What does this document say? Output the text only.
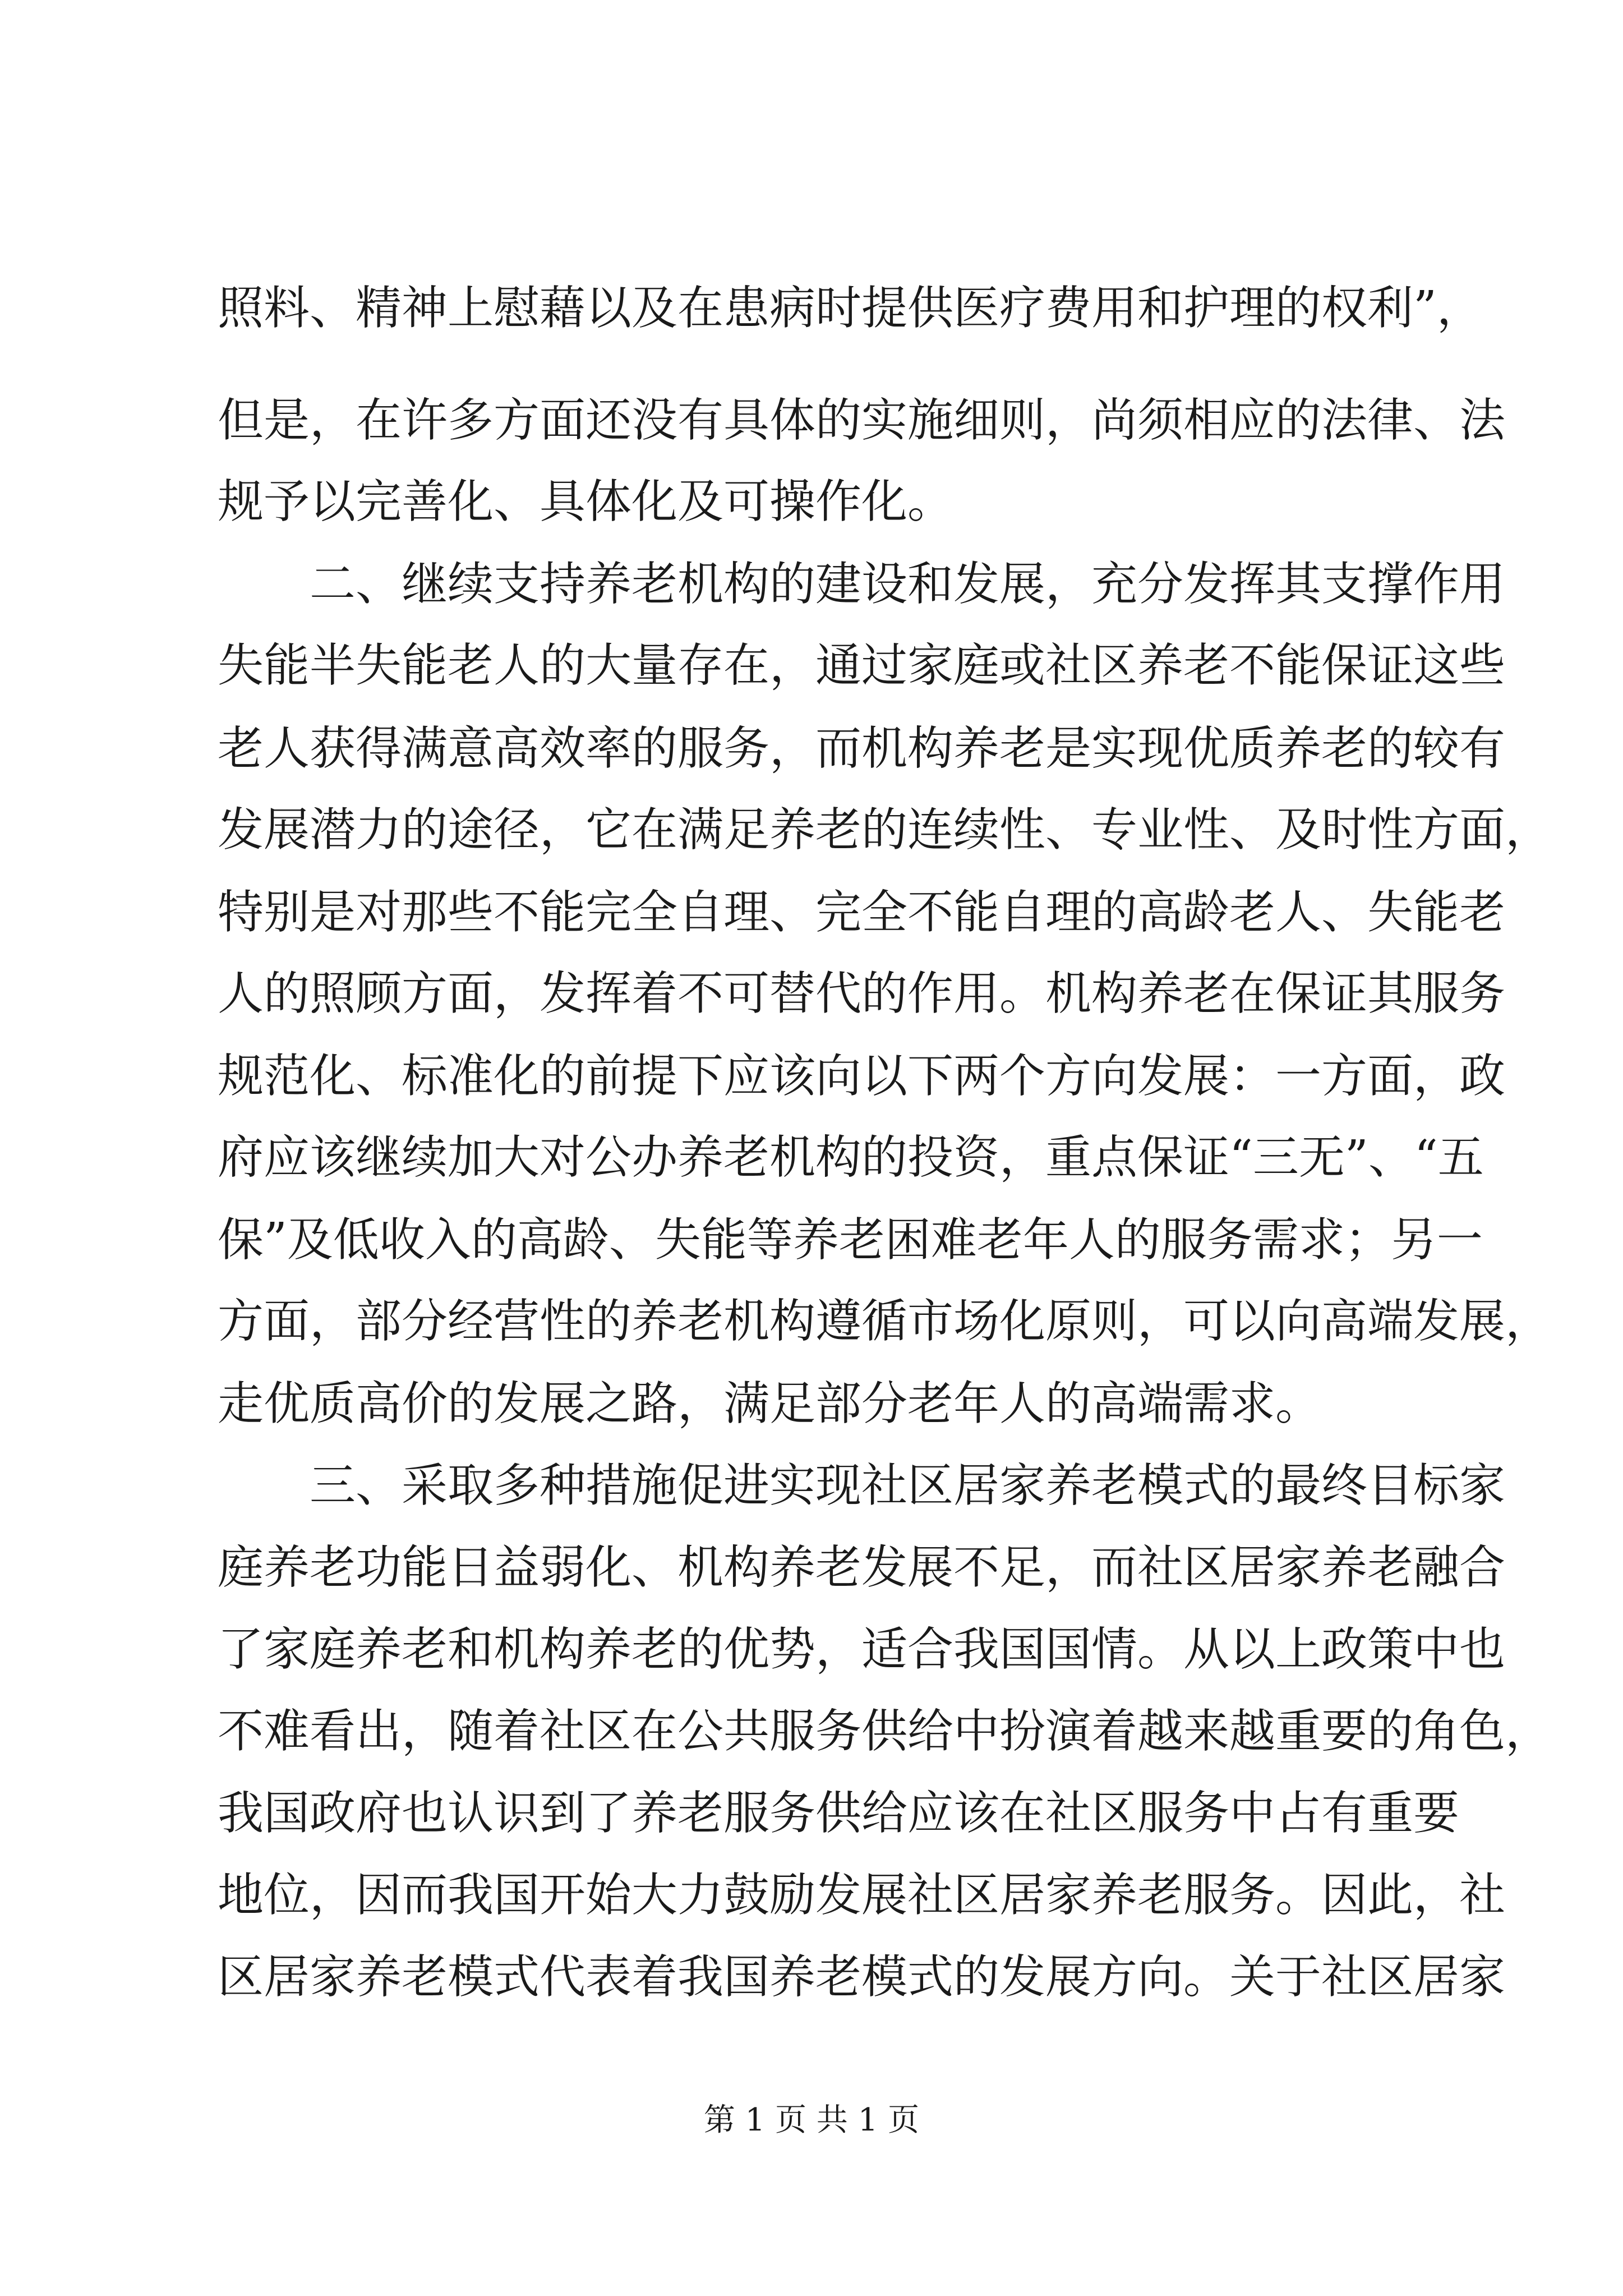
照料、精神上慰藉以及在患病时提供医疗费用和护理的权利”，
但是，在许多方面还没有具体的实施细则，尚须相应的法律、法
规予以完善化、具体化及可操作化。
　　二、继续支持养老机构的建设和发展，充分发挥其支撑作用
失能半失能老人的大量存在，通过家庭或社区养老不能保证这些
老人获得满意高效率的服务，而机构养老是实现优质养老的较有
发展潜力的途径，它在满足养老的连续性、专业性、及时性方面，
特别是对那些不能完全自理、完全不能自理的高龄老人、失能老
人的照顾方面，发挥着不可替代的作用。机构养老在保证其服务
规范化、标准化的前提下应该向以下两个方向发展：一方面，政
府应该继续加大对公办养老机构的投资，重点保证“三无”、“五
保”及低收入的高龄、失能等养老困难老年人的服务需求；另一
方面，部分经营性的养老机构遵循市场化原则，可以向高端发展，
走优质高价的发展之路，满足部分老年人的高端需求。
　　三、采取多种措施促进实现社区居家养老模式的最终目标家
庭养老功能日益弱化、机构养老发展不足，而社区居家养老融合
了家庭养老和机构养老的优势，适合我国国情。从以上政策中也
不难看出，随着社区在公共服务供给中扮演着越来越重要的角色，
我国政府也认识到了养老服务供给应该在社区服务中占有重要
地位，因而我国开始大力鼓励发展社区居家养老服务。因此，社
区居家养老模式代表着我国养老模式的发展方向。关于社区居家
第 1 页 共 1 页
